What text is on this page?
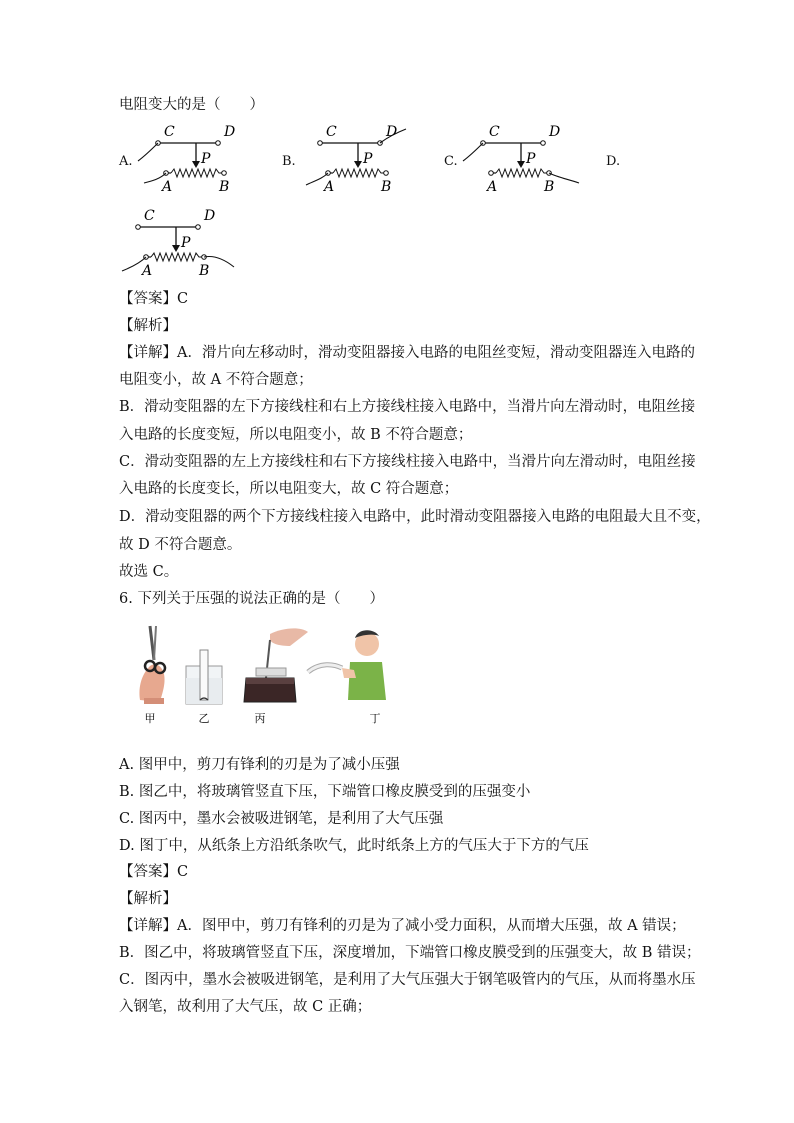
电阻变大的是（　　）
A.	B.	C.	D.
C	D
P
A	B
C	D
P
A	B
C	D
P
A	B
C	D
P
A	B
【答案】C
【解析】
【详解】A．滑片向左移动时，滑动变阻器接入电路的电阻丝变短，滑动变阻器连入电路的
电阻变小，故 A 不符合题意；
B．滑动变阻器的左下方接线柱和右上方接线柱接入电路中，当滑片向左滑动时，电阻丝接
入电路的长度变短，所以电阻变小，故 B 不符合题意；
C．滑动变阻器的左上方接线柱和右下方接线柱接入电路中，当滑片向左滑动时，电阻丝接
入电路的长度变长，所以电阻变大，故 C 符合题意；
D．滑动变阻器的两个下方接线柱接入电路中，此时滑动变阻器接入电路的电阻最大且不变，
故 D 不符合题意。
故选 C。
6. 下列关于压强的说法正确的是（　　）
甲	乙	丙	丁
A. 图甲中，剪刀有锋利的刃是为了减小压强
B. 图乙中，将玻璃管竖直下压，下端管口橡皮膜受到的压强变小
C. 图丙中，墨水会被吸进钢笔，是利用了大气压强
D. 图丁中，从纸条上方沿纸条吹气，此时纸条上方的气压大于下方的气压
【答案】C
【解析】
【详解】A．图甲中，剪刀有锋利的刃是为了减小受力面积，从而增大压强，故 A 错误；
B．图乙中，将玻璃管竖直下压，深度增加，下端管口橡皮膜受到的压强变大，故 B 错误；
C．图丙中，墨水会被吸进钢笔，是利用了大气压强大于钢笔吸管内的气压，从而将墨水压
入钢笔，故利用了大气压，故 C 正确；
